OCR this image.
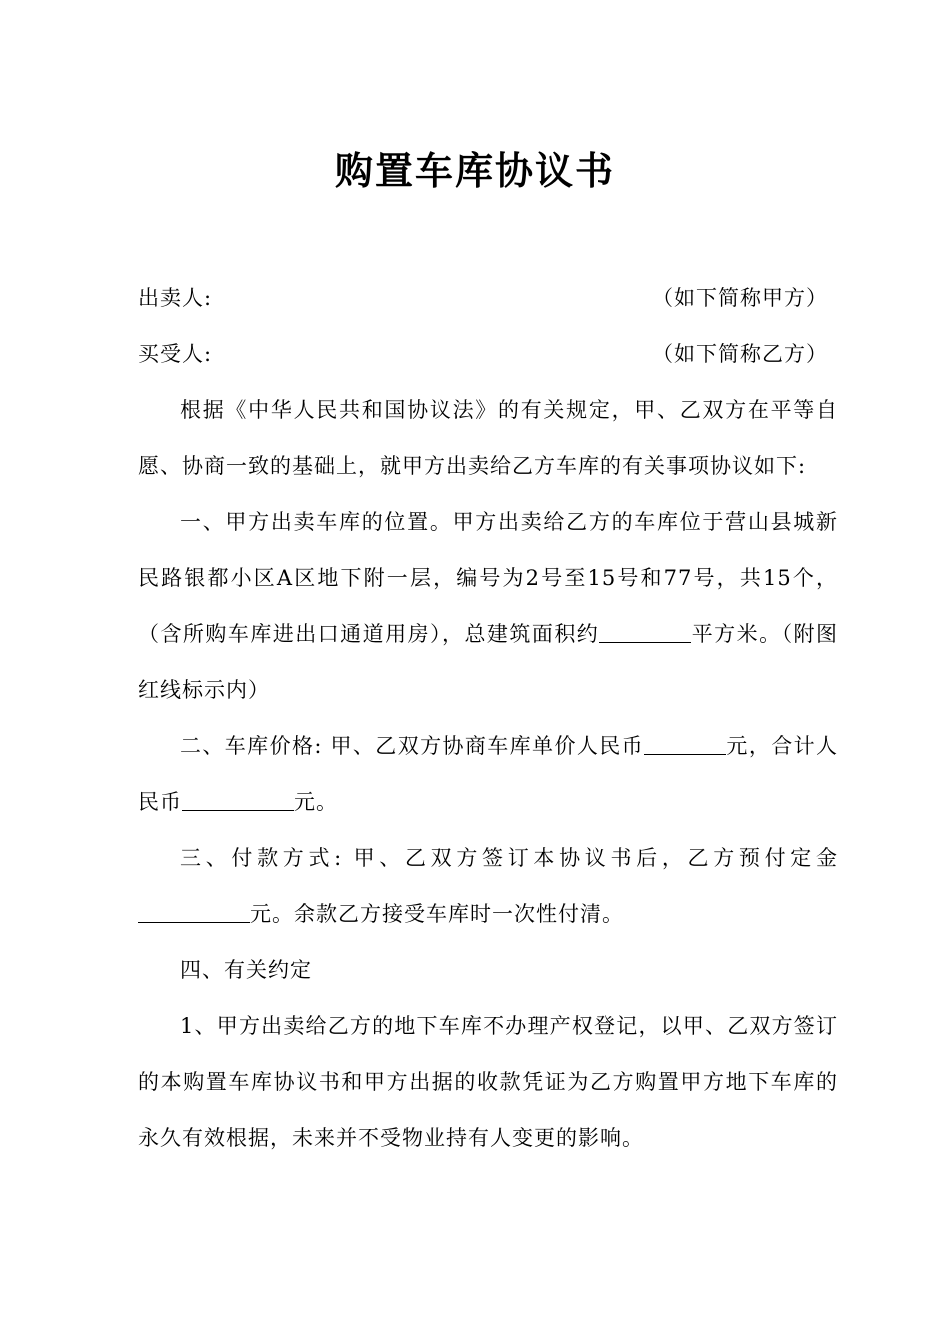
购置车库协议书
出卖人:	（如下简称甲方）
买受人:	（如下简称乙方）

根据《中华人民共和国协议法》的有关规定，甲、乙双方在平等自愿、协商一致的基础上，就甲方出卖给乙方车库的有关事项协议如下:

一、甲方出卖车库的位置。甲方出卖给乙方的车库位于营山县城新民路银都小区A区地下附一层，编号为2号至15号和77号，共15个，（含所购车库进出口通道用房），总建筑面积约	平方米。（附图红线标示内）

二、车库价格: 甲、乙双方协商车库单价人民币	元，合计人民币	元。

三、付款方式: 甲、乙双方签订本协议书后，乙方预付定金元。余款乙方接受车库时一次性付清。

四、有关约定

1、甲方出卖给乙方的地下车库不办理产权登记，以甲、乙双方签订的本购置车库协议书和甲方出据的收款凭证为乙方购置甲方地下车库的永久有效根据，未来并不受物业持有人变更的影响。
